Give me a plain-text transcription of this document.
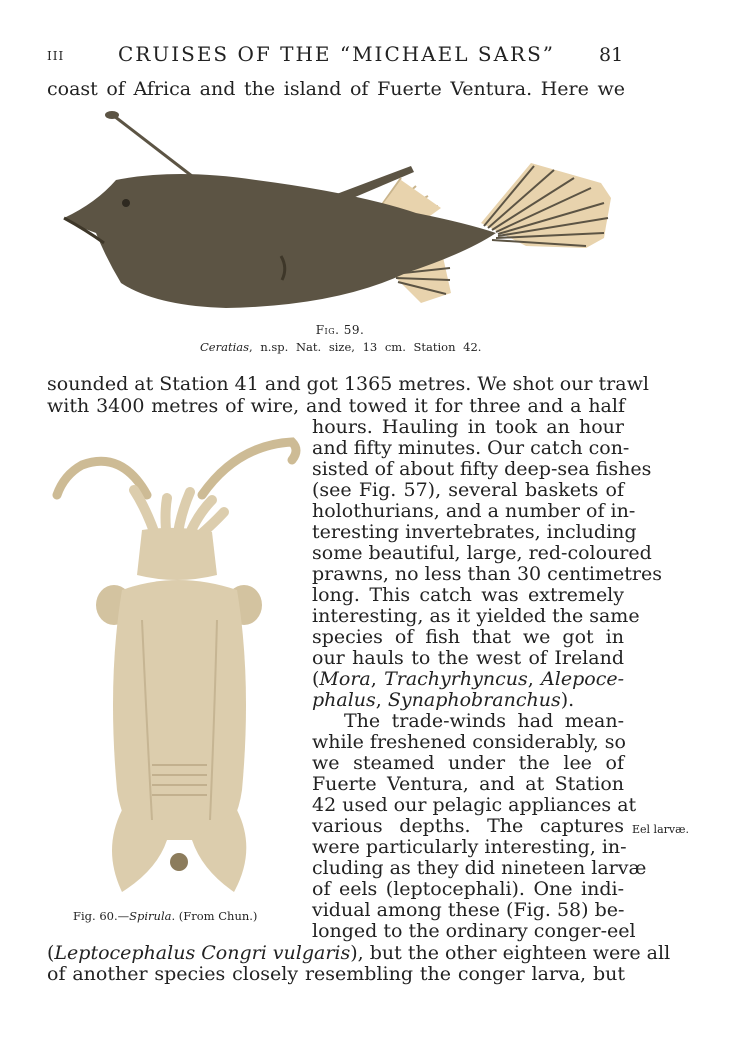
III	CRUISES OF THE “MICHAEL SARS” 81
coast of Africa and the island of Fuerte Ventura. Here we
Fig. 59.
Ceratias, n.sp. Nat. size, 13 cm. Station 42.
sounded at Station 41 and got 1365 metres. We shot our trawl
with 3400 metres of wire, and towed it for three and a half
hours. Hauling in took an hour
and fifty minutes. Our catch con-
sisted of about fifty deep-sea fishes
(see Fig. 57), several baskets of
holothurians, and a number of in-
teresting invertebrates, including
some beautiful, large, red-coloured
prawns, no less than 30 centimetres
long. This catch was extremely
interesting, as it yielded the same
species of fish that we got in
our hauls to the west of Ireland
(Mora, Trachyrhyncus, Alepoce-
phalus, Synaphobranchus).
The trade-winds had mean-
while freshened considerably, so
we steamed under the lee of
Fuerte Ventura, and at Station
42 used our pelagic appliances at
various depths. The captures
were particularly interesting, in-
cluding as they did nineteen larvæ
of eels (leptocephali). One indi-
vidual among these (Fig. 58) be-
longed to the ordinary conger-eel
Eel larvæ.
Fig. 60.—Spirula. (From Chun.)
(Leptocephalus Congri vulgaris), but the other eighteen were all
of another species closely resembling the conger larva, but
